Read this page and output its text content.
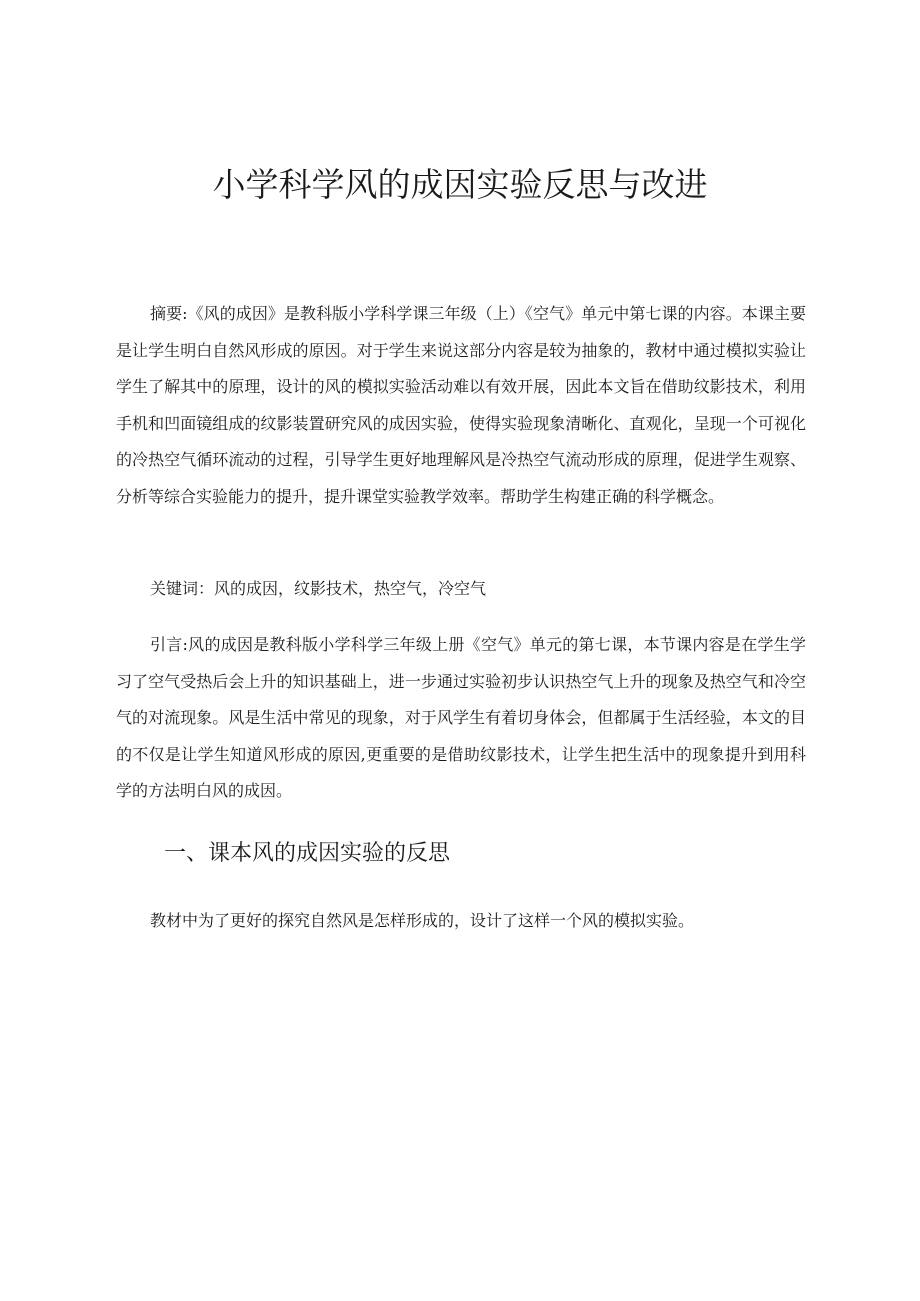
小学科学风的成因实验反思与改进

摘要:《风的成因》是教科版小学科学课三年级（上）《空气》单元中第七课的内容。本课主要是让学生明白自然风形成的原因。对于学生来说这部分内容是较为抽象的，教材中通过模拟实验让学生了解其中的原理，设计的风的模拟实验活动难以有效开展，因此本文旨在借助纹影技术，利用手机和凹面镜组成的纹影装置研究风的成因实验，使得实验现象清晰化、直观化，呈现一个可视化的冷热空气循环流动的过程，引导学生更好地理解风是冷热空气流动形成的原理，促进学生观察、分析等综合实验能力的提升，提升课堂实验教学效率。帮助学生构建正确的科学概念。

关键词：风的成因，纹影技术，热空气，冷空气

引言:风的成因是教科版小学科学三年级上册《空气》单元的第七课，本节课内容是在学生学习了空气受热后会上升的知识基础上，进一步通过实验初步认识热空气上升的现象及热空气和冷空气的对流现象。风是生活中常见的现象，对于风学生有着切身体会，但都属于生活经验，本文的目的不仅是让学生知道风形成的原因,更重要的是借助纹影技术，让学生把生活中的现象提升到用科学的方法明白风的成因。

一、课本风的成因实验的反思

教材中为了更好的探究自然风是怎样形成的，设计了这样一个风的模拟实验。
